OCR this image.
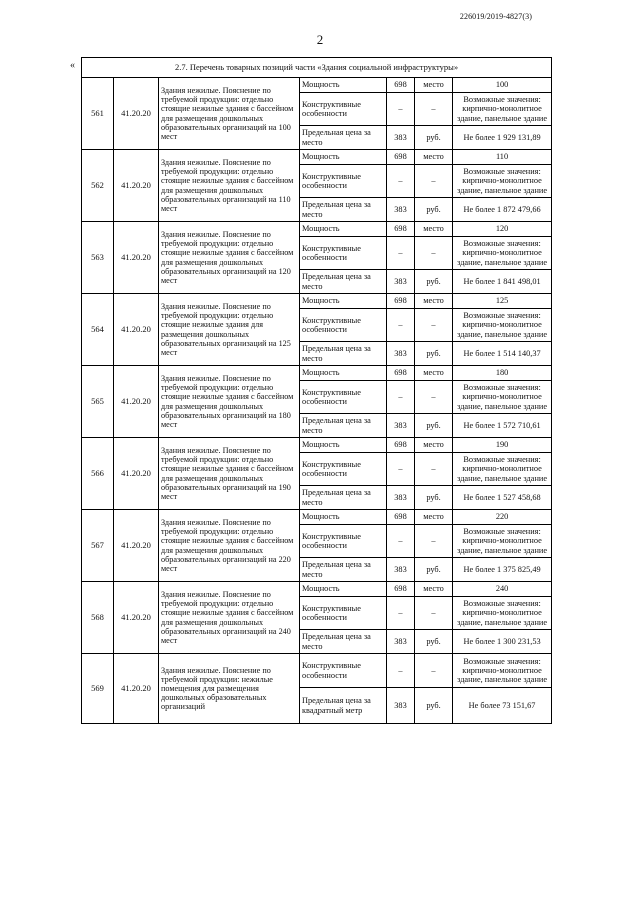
226019/2019-4827(3)
2
«	2.7. Перечень товарных позиций части «Здания социальной инфраструктуры»						
561	41.20.20	Здания нежилые. Пояснение по требуемой продукции: отдельно стоящие нежилые здания с бассейном для размещения дошкольных образовательных организаций на 100 мест	Мощность	698	место	100
			Конструктивные особенности	–	–	Возможные значения: кирпично-монолитное здание, панельное здание
			Предельная цена за место	383	руб.	Не более 1 929 131,89
562	41.20.20	Здания нежилые. Пояснение по требуемой продукции: отдельно стоящие нежилые здания с бассейном для размещения дошкольных образовательных организаций на 110 мест	Мощность	698	место	110
			Конструктивные особенности	–	–	Возможные значения: кирпично-монолитное здание, панельное здание
			Предельная цена за место	383	руб.	Не более 1 872 479,66
563	41.20.20	Здания нежилые. Пояснение по требуемой продукции: отдельно стоящие нежилые здания с бассейном для размещения дошкольных образовательных организаций на 120 мест	Мощность	698	место	120
			Конструктивные особенности	–	–	Возможные значения: кирпично-монолитное здание, панельное здание
			Предельная цена за место	383	руб.	Не более 1 841 498,01
564	41.20.20	Здания нежилые. Пояснение по требуемой продукции: отдельно стоящие нежилые здания для размещения дошкольных образовательных организаций на 125 мест	Мощность	698	место	125
			Конструктивные особенности	–	–	Возможные значения: кирпично-монолитное здание, панельное здание
			Предельная цена за место	383	руб.	Не более 1 514 140,37
565	41.20.20	Здания нежилые. Пояснение по требуемой продукции: отдельно стоящие нежилые здания с бассейном для размещения дошкольных образовательных организаций на 180 мест	Мощность	698	место	180
			Конструктивные особенности	–	–	Возможные значения: кирпично-монолитное здание, панельное здание
			Предельная цена за место	383	руб.	Не более 1 572 710,61
566	41.20.20	Здания нежилые. Пояснение по требуемой продукции: отдельно стоящие нежилые здания с бассейном для размещения дошкольных образовательных организаций на 190 мест	Мощность	698	место	190
			Конструктивные особенности	–	–	Возможные значения: кирпично-монолитное здание, панельное здание
			Предельная цена за место	383	руб.	Не более 1 527 458,68
567	41.20.20	Здания нежилые. Пояснение по требуемой продукции: отдельно стоящие нежилые здания с бассейном для размещения дошкольных образовательных организаций на 220 мест	Мощность	698	место	220
			Конструктивные особенности	–	–	Возможные значения: кирпично-монолитное здание, панельное здание
			Предельная цена за место	383	руб.	Не более 1 375 825,49
568	41.20.20	Здания нежилые. Пояснение по требуемой продукции: отдельно стоящие нежилые здания с бассейном для размещения дошкольных образовательных организаций на 240 мест	Мощность	698	место	240
			Конструктивные особенности	–	–	Возможные значения: кирпично-монолитное здание, панельное здание
			Предельная цена за место	383	руб.	Не более 1 300 231,53
569	41.20.20	Здания нежилые. Пояснение по требуемой продукции: нежилые помещения для размещения дошкольных образовательных организаций	Конструктивные особенности	–	–	Возможные значения: кирпично-монолитное здание, панельное здание
			Предельная цена за квадратный метр	383	руб.	Не более 73 151,67
